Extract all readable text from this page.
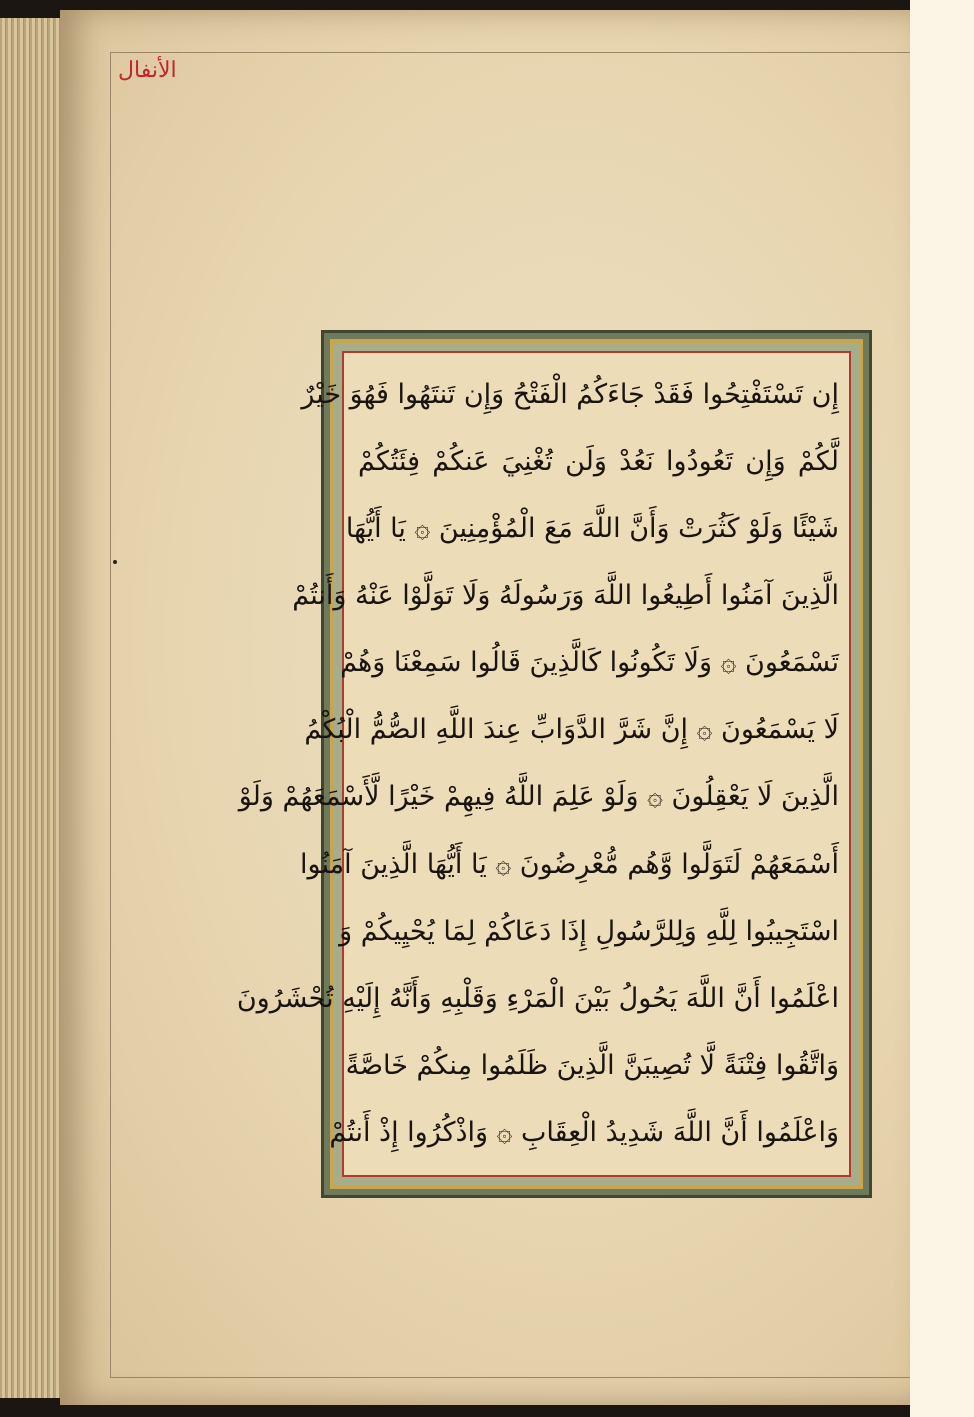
الأنفال
إِن تَسْتَفْتِحُوا فَقَدْ جَاءَكُمُ الْفَتْحُ وَإِن تَنتَهُوا فَهُوَ خَيْرٌ
لَّكُمْ وَإِن تَعُودُوا نَعُدْ وَلَن تُغْنِيَ عَنكُمْ فِئَتُكُمْ
شَيْئًا وَلَوْ كَثُرَتْ وَأَنَّ اللَّهَ مَعَ الْمُؤْمِنِينَ ۞ يَا أَيُّهَا
الَّذِينَ آمَنُوا أَطِيعُوا اللَّهَ وَرَسُولَهُ وَلَا تَوَلَّوْا عَنْهُ وَأَنتُمْ
تَسْمَعُونَ ۞ وَلَا تَكُونُوا كَالَّذِينَ قَالُوا سَمِعْنَا وَهُمْ
لَا يَسْمَعُونَ ۞ إِنَّ شَرَّ الدَّوَابِّ عِندَ اللَّهِ الصُّمُّ الْبُكْمُ
الَّذِينَ لَا يَعْقِلُونَ ۞ وَلَوْ عَلِمَ اللَّهُ فِيهِمْ خَيْرًا لَّأَسْمَعَهُمْ وَلَوْ
أَسْمَعَهُمْ لَتَوَلَّوا وَّهُم مُّعْرِضُونَ ۞ يَا أَيُّهَا الَّذِينَ آمَنُوا
اسْتَجِيبُوا لِلَّهِ وَلِلرَّسُولِ إِذَا دَعَاكُمْ لِمَا يُحْيِيكُمْ وَ
اعْلَمُوا أَنَّ اللَّهَ يَحُولُ بَيْنَ الْمَرْءِ وَقَلْبِهِ وَأَنَّهُ إِلَيْهِ تُحْشَرُونَ
وَاتَّقُوا فِتْنَةً لَّا تُصِيبَنَّ الَّذِينَ ظَلَمُوا مِنكُمْ خَاصَّةً
وَاعْلَمُوا أَنَّ اللَّهَ شَدِيدُ الْعِقَابِ ۞ وَاذْكُرُوا إِذْ أَنتُمْ
